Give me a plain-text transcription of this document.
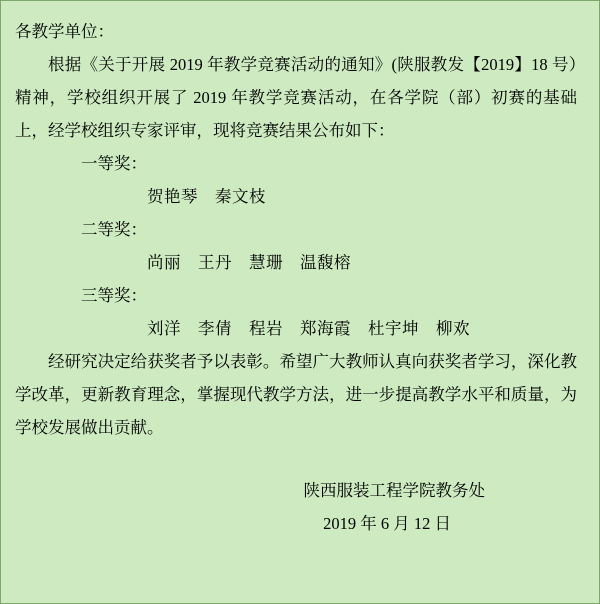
各教学单位：

根据《关于开展 2019 年教学竞赛活动的通知》(陕服教发【2019】18 号）精神，学校组织开展了 2019 年教学竞赛活动，在各学院（部）初赛的基础上，经学校组织专家评审，现将竞赛结果公布如下：

一等奖：

贺艳琴　秦文枝

二等奖：

尚丽　王丹　慧珊　温馥榕

三等奖：

刘洋　李倩　程岩　郑海霞　杜宇坤　柳欢

经研究决定给获奖者予以表彰。希望广大教师认真向获奖者学习，深化教学改革，更新教育理念，掌握现代教学方法，进一步提高教学水平和质量，为学校发展做出贡献。

陕西服装工程学院教务处

2019 年 6 月 12 日
